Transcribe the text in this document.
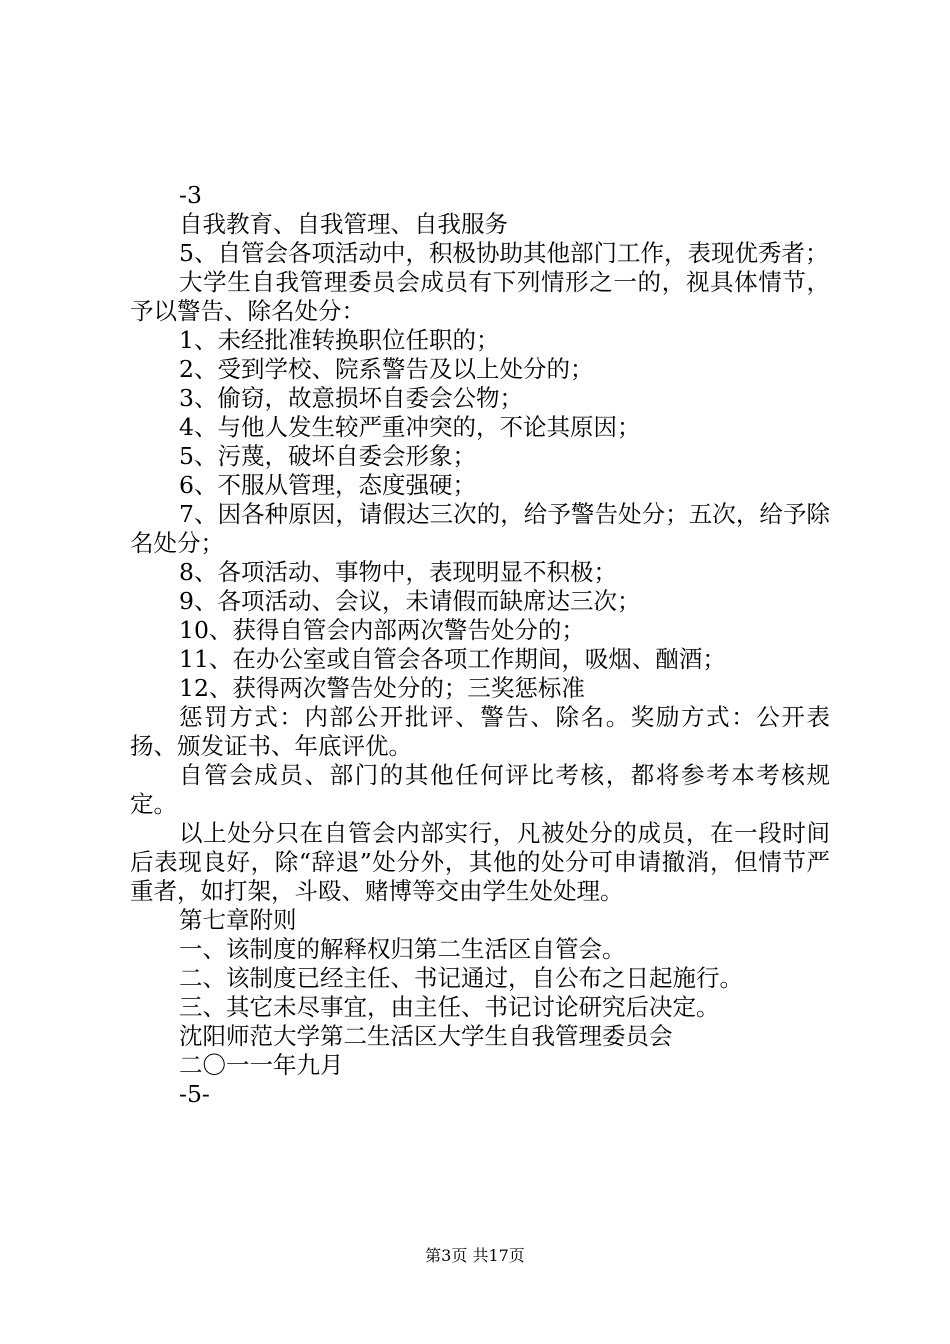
-3

自我教育、自我管理、自我服务

5、自管会各项活动中，积极协助其他部门工作，表现优秀者；

大学生自我管理委员会成员有下列情形之一的，视具体情节，予以警告、除名处分：

1、未经批准转换职位任职的；

2、受到学校、院系警告及以上处分的；

3、偷窃，故意损坏自委会公物；

4、与他人发生较严重冲突的，不论其原因；

5、污蔑，破坏自委会形象；

6、不服从管理，态度强硬；

7、因各种原因，请假达三次的，给予警告处分；五次，给予除名处分；

8、各项活动、事物中，表现明显不积极；

9、各项活动、会议，未请假而缺席达三次；

10、获得自管会内部两次警告处分的；

11、在办公室或自管会各项工作期间，吸烟、酗酒；

12、获得两次警告处分的；三奖惩标准

惩罚方式：内部公开批评、警告、除名。奖励方式：公开表扬、颁发证书、年底评优。

自管会成员、部门的其他任何评比考核，都将参考本考核规定。

以上处分只在自管会内部实行，凡被处分的成员，在一段时间后表现良好，除“辞退”处分外，其他的处分可申请撤消，但情节严重者，如打架，斗殴、赌博等交由学生处处理。

第七章附则

一、该制度的解释权归第二生活区自管会。

二、该制度已经主任、书记通过，自公布之日起施行。

三、其它未尽事宜，由主任、书记讨论研究后决定。

沈阳师范大学第二生活区大学生自我管理委员会

二〇一一年九月

-5-

第3页 共17页
